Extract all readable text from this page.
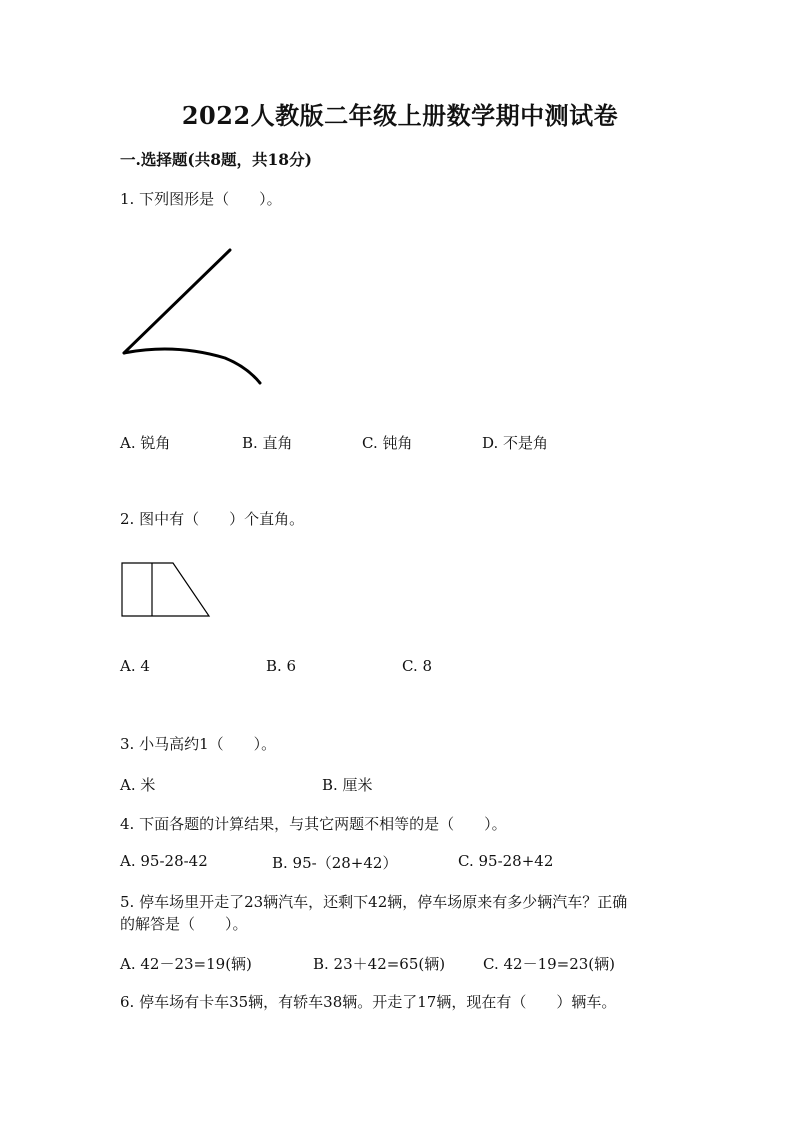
2022人教版二年级上册数学期中测试卷
一.选择题(共8题，共18分)
1. 下列图形是（　　）。
A. 锐角	B. 直角	C. 钝角	D. 不是角
2. 图中有（　　）个直角。
A. 4	B. 6	C. 8
3. 小马高约1（　　）。
A. 米	B. 厘米
4. 下面各题的计算结果，与其它两题不相等的是（　　）。
A. 95-28-42	B. 95-（28+42）	C. 95-28+42
5. 停车场里开走了23辆汽车，还剩下42辆，停车场原来有多少辆汽车？正确
的解答是（　　）。
A. 42－23=19(辆)	B. 23＋42=65(辆)	C. 42－19=23(辆)
6. 停车场有卡车35辆，有轿车38辆。开走了17辆，现在有（　　）辆车。
